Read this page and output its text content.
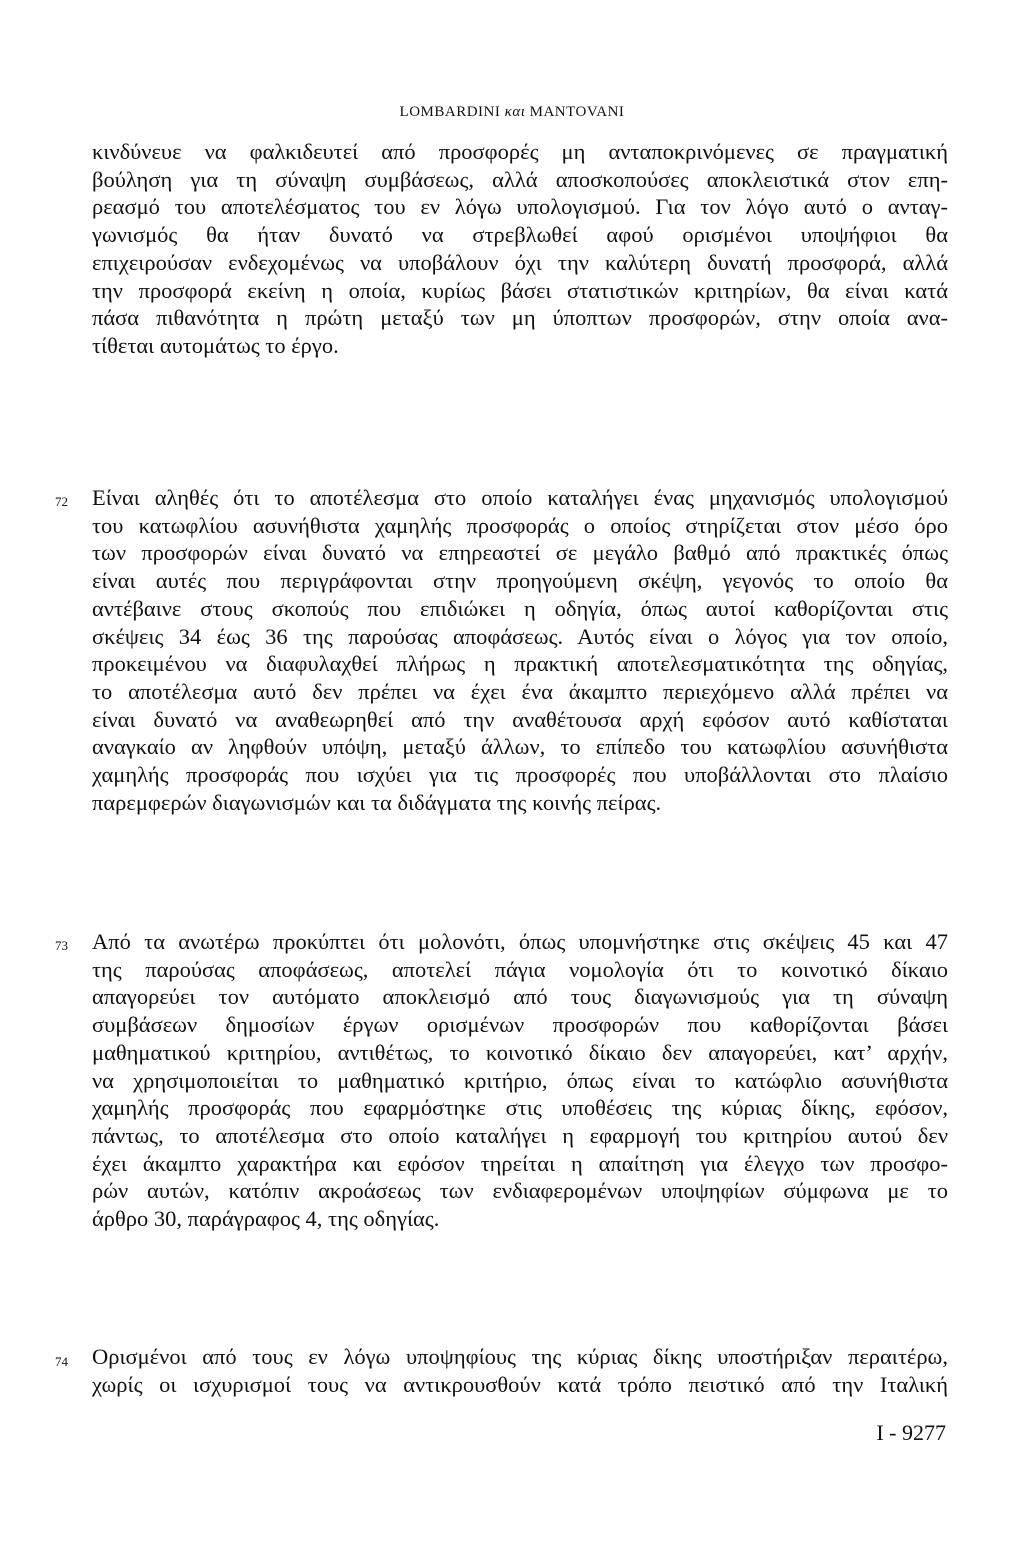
LOMBARDINI και MANTOVANI
κινδύνευε να φαλκιδευτεί από προσφορές μη ανταποκρινόμενες σε πραγματική
βούληση για τη σύναψη συμβάσεως, αλλά αποσκοπούσες αποκλειστικά στον επη-
ρεασμό του αποτελέσματος του εν λόγω υπολογισμού. Για τον λόγο αυτό ο ανταγ-
γωνισμός θα ήταν δυνατό να στρεβλωθεί αφού ορισμένοι υποψήφιοι θα
επιχειρούσαν ενδεχομένως να υποβάλουν όχι την καλύτερη δυνατή προσφορά, αλλά
την προσφορά εκείνη η οποία, κυρίως βάσει στατιστικών κριτηρίων, θα είναι κατά
πάσα πιθανότητα η πρώτη μεταξύ των μη ύποπτων προσφορών, στην οποία ανα-
τίθεται αυτομάτως το έργο.
72 Είναι αληθές ότι το αποτέλεσμα στο οποίο καταλήγει ένας μηχανισμός υπολογισμού
του κατωφλίου ασυνήθιστα χαμηλής προσφοράς ο οποίος στηρίζεται στον μέσο όρο
των προσφορών είναι δυνατό να επηρεαστεί σε μεγάλο βαθμό από πρακτικές όπως
είναι αυτές που περιγράφονται στην προηγούμενη σκέψη, γεγονός το οποίο θα
αντέβαινε στους σκοπούς που επιδιώκει η οδηγία, όπως αυτοί καθορίζονται στις
σκέψεις 34 έως 36 της παρούσας αποφάσεως. Αυτός είναι ο λόγος για τον οποίο,
προκειμένου να διαφυλαχθεί πλήρως η πρακτική αποτελεσματικότητα της οδηγίας,
το αποτέλεσμα αυτό δεν πρέπει να έχει ένα άκαμπτο περιεχόμενο αλλά πρέπει να
είναι δυνατό να αναθεωρηθεί από την αναθέτουσα αρχή εφόσον αυτό καθίσταται
αναγκαίο αν ληφθούν υπόψη, μεταξύ άλλων, το επίπεδο του κατωφλίου ασυνήθιστα
χαμηλής προσφοράς που ισχύει για τις προσφορές που υποβάλλονται στο πλαίσιο
παρεμφερών διαγωνισμών και τα διδάγματα της κοινής πείρας.
73 Από τα ανωτέρω προκύπτει ότι μολονότι, όπως υπομνήστηκε στις σκέψεις 45 και 47
της παρούσας αποφάσεως, αποτελεί πάγια νομολογία ότι το κοινοτικό δίκαιο
απαγορεύει τον αυτόματο αποκλεισμό από τους διαγωνισμούς για τη σύναψη
συμβάσεων δημοσίων έργων ορισμένων προσφορών που καθορίζονται βάσει
μαθηματικού κριτηρίου, αντιθέτως, το κοινοτικό δίκαιο δεν απαγορεύει, κατ’ αρχήν,
να χρησιμοποιείται το μαθηματικό κριτήριο, όπως είναι το κατώφλιο ασυνήθιστα
χαμηλής προσφοράς που εφαρμόστηκε στις υποθέσεις της κύριας δίκης, εφόσον,
πάντως, το αποτέλεσμα στο οποίο καταλήγει η εφαρμογή του κριτηρίου αυτού δεν
έχει άκαμπτο χαρακτήρα και εφόσον τηρείται η απαίτηση για έλεγχο των προσφο-
ρών αυτών, κατόπιν ακροάσεως των ενδιαφερομένων υποψηφίων σύμφωνα με το
άρθρο 30, παράγραφος 4, της οδηγίας.
74 Ορισμένοι από τους εν λόγω υποψηφίους της κύριας δίκης υποστήριξαν περαιτέρω,
χωρίς οι ισχυρισμοί τους να αντικρουσθούν κατά τρόπο πειστικό από την Ιταλική
I - 9277
